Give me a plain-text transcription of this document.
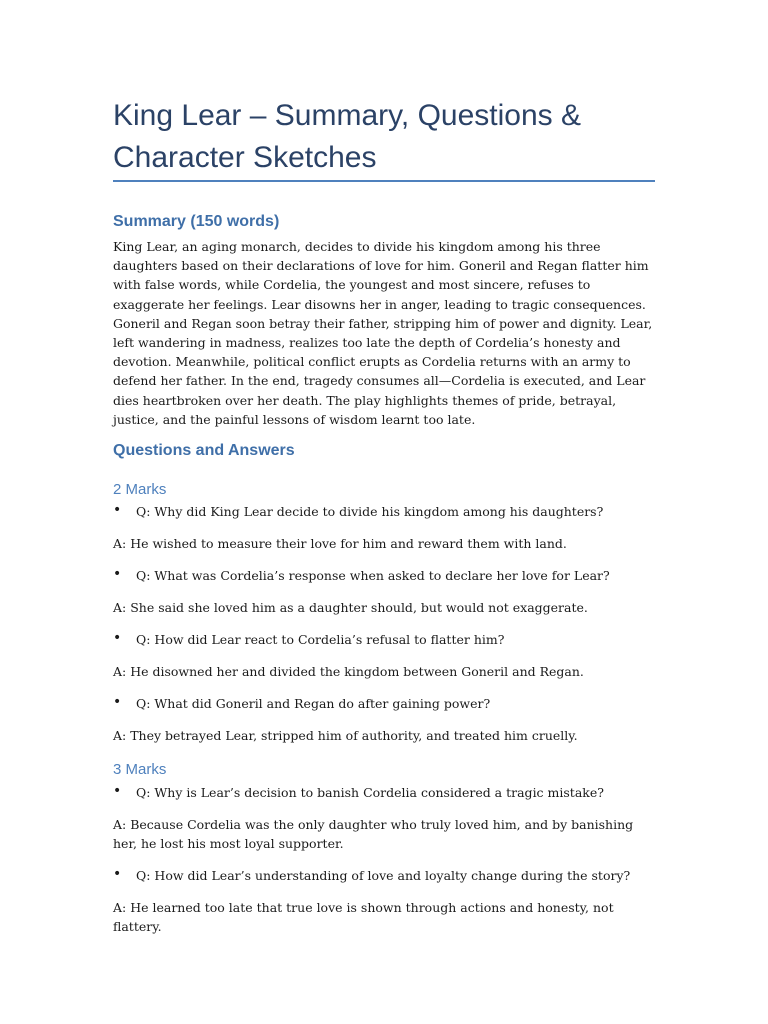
King Lear – Summary, Questions & Character Sketches
Summary (150 words)

King Lear, an aging monarch, decides to divide his kingdom among his three daughters based on their declarations of love for him. Goneril and Regan flatter him with false words, while Cordelia, the youngest and most sincere, refuses to exaggerate her feelings. Lear disowns her in anger, leading to tragic consequences. Goneril and Regan soon betray their father, stripping him of power and dignity. Lear, left wandering in madness, realizes too late the depth of Cordelia’s honesty and devotion. Meanwhile, political conflict erupts as Cordelia returns with an army to defend her father. In the end, tragedy consumes all—Cordelia is executed, and Lear dies heartbroken over her death. The play highlights themes of pride, betrayal, justice, and the painful lessons of wisdom learnt too late.

Questions and Answers
2 Marks
• Q: Why did King Lear decide to divide his kingdom among his daughters?

A: He wished to measure their love for him and reward them with land.

• Q: What was Cordelia’s response when asked to declare her love for Lear?

A: She said she loved him as a daughter should, but would not exaggerate.

• Q: How did Lear react to Cordelia’s refusal to flatter him?

A: He disowned her and divided the kingdom between Goneril and Regan.

• Q: What did Goneril and Regan do after gaining power?

A: They betrayed Lear, stripped him of authority, and treated him cruelly.

3 Marks
• Q: Why is Lear’s decision to banish Cordelia considered a tragic mistake?

A: Because Cordelia was the only daughter who truly loved him, and by banishing her, he lost his most loyal supporter.

• Q: How did Lear’s understanding of love and loyalty change during the story?

A: He learned too late that true love is shown through actions and honesty, not flattery.
